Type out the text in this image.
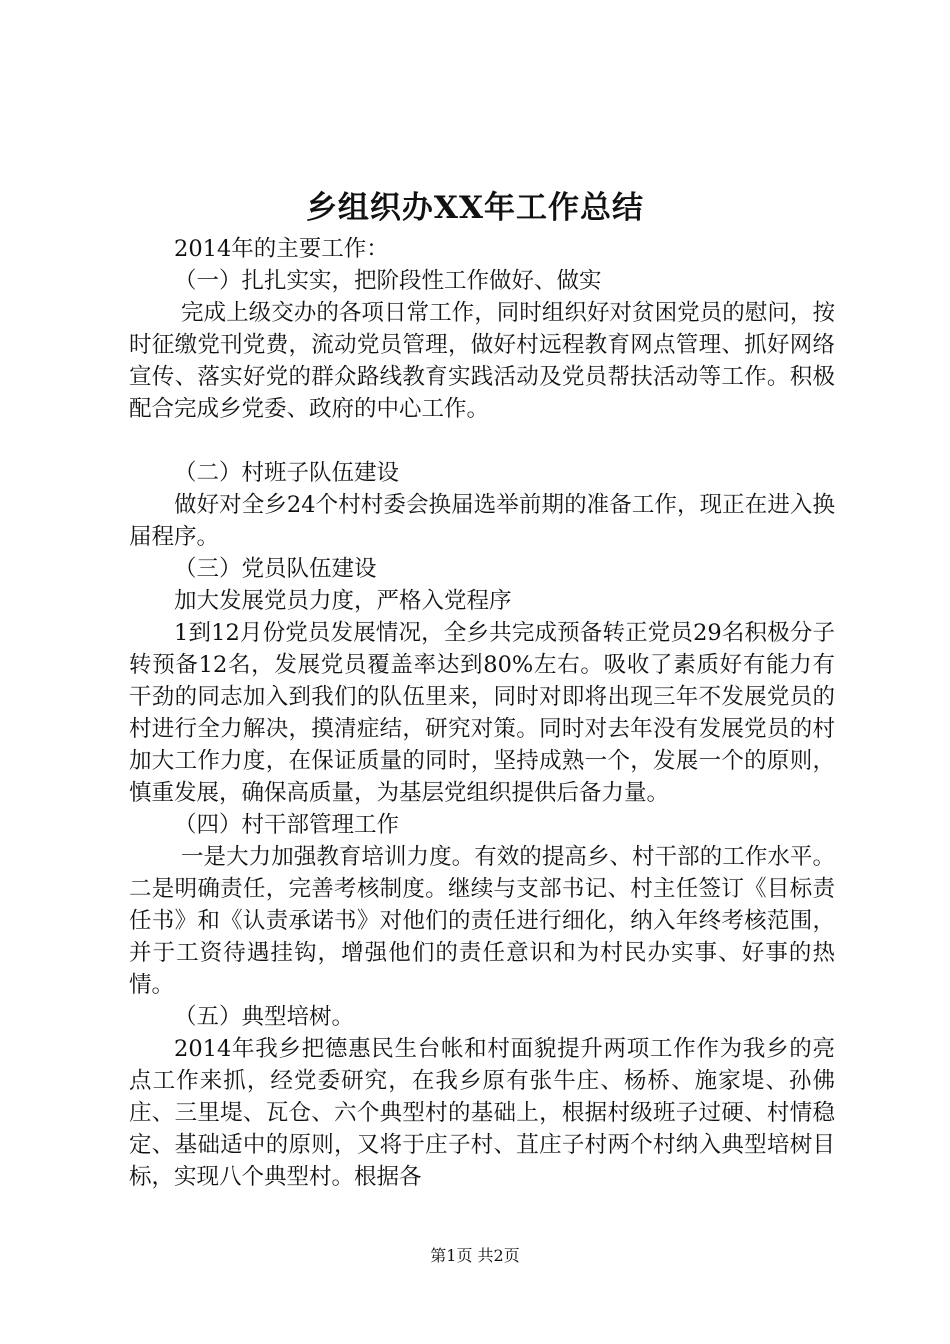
乡组织办XX年工作总结

2014年的主要工作：

（一）扎扎实实，把阶段性工作做好、做实

完成上级交办的各项日常工作，同时组织好对贫困党员的慰问，按时征缴党刊党费，流动党员管理，做好村远程教育网点管理、抓好网络宣传、落实好党的群众路线教育实践活动及党员帮扶活动等工作。积极配合完成乡党委、政府的中心工作。

（二）村班子队伍建设

做好对全乡24个村村委会换届选举前期的准备工作，现正在进入换届程序。

（三）党员队伍建设

加大发展党员力度，严格入党程序

1到12月份党员发展情况，全乡共完成预备转正党员29名积极分子转预备12名，发展党员覆盖率达到80%左右。吸收了素质好有能力有干劲的同志加入到我们的队伍里来，同时对即将出现三年不发展党员的村进行全力解决，摸清症结，研究对策。同时对去年没有发展党员的村加大工作力度，在保证质量的同时，坚持成熟一个，发展一个的原则，慎重发展，确保高质量，为基层党组织提供后备力量。

（四）村干部管理工作

一是大力加强教育培训力度。有效的提高乡、村干部的工作水平。二是明确责任，完善考核制度。继续与支部书记、村主任签订《目标责任书》和《认责承诺书》对他们的责任进行细化，纳入年终考核范围，并于工资待遇挂钩，增强他们的责任意识和为村民办实事、好事的热情。

（五）典型培树。

2014年我乡把德惠民生台帐和村面貌提升两项工作作为我乡的亮点工作来抓，经党委研究，在我乡原有张牛庄、杨桥、施家堤、孙佛庄、三里堤、瓦仓、六个典型村的基础上，根据村级班子过硬、村情稳定、基础适中的原则，又将于庄子村、苴庄子村两个村纳入典型培树目标，实现八个典型村。根据各

第1页 共2页
